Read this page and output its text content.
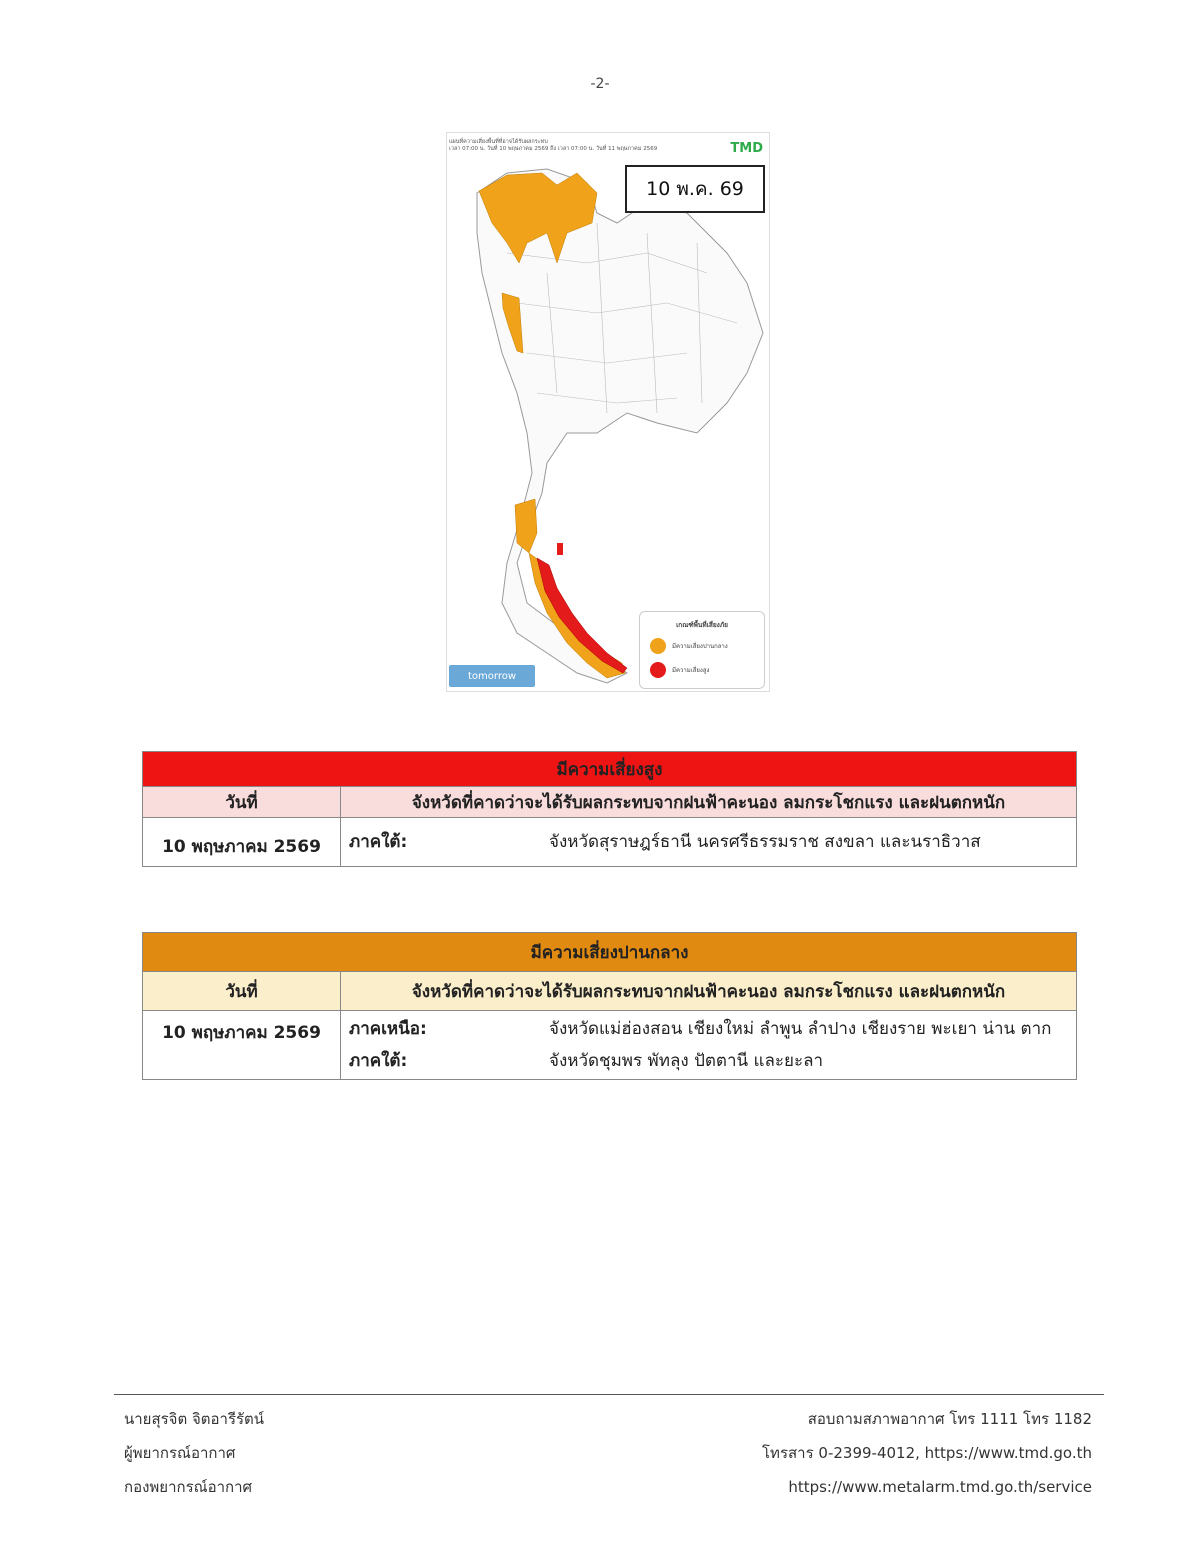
-2-
แผนที่ความเสี่ยงพื้นที่ที่อาจได้รับผลกระทบ
เวลา 07:00 น. วันที่ 10 พฤษภาคม 2569 ถึง เวลา 07:00 น. วันที่ 11 พฤษภาคม 2569	TMD
10 พ.ค. 69
เกณฑ์พื้นที่เสี่ยงภัย
มีความเสี่ยงปานกลาง
มีความเสี่ยงสูง
tomorrow
มีความเสี่ยงสูง	
วันที่	จังหวัดที่คาดว่าจะได้รับผลกระทบจากฝนฟ้าคะนอง ลมกระโชกแรง และฝนตกหนัก
10 พฤษภาคม 2569	ภาคใต้: จังหวัดสุราษฎร์ธานี นครศรีธรรมราช สงขลา และนราธิวาส
มีความเสี่ยงปานกลาง	
วันที่	จังหวัดที่คาดว่าจะได้รับผลกระทบจากฝนฟ้าคะนอง ลมกระโชกแรง และฝนตกหนัก
10 พฤษภาคม 2569	ภาคเหนือ: จังหวัดแม่ฮ่องสอน เชียงใหม่ ลำพูน ลำปาง เชียงราย พะเยา น่าน ตาก
ภาคใต้: จังหวัดชุมพร พัทลุง ปัตตานี และยะลา
นายสุรจิต จิตอารีรัตน์
ผู้พยากรณ์อากาศ
กองพยากรณ์อากาศ
สอบถามสภาพอากาศ โทร 1111 โทร 1182
โทรสาร 0-2399-4012, https://www.tmd.go.th
https://www.metalarm.tmd.go.th/service
